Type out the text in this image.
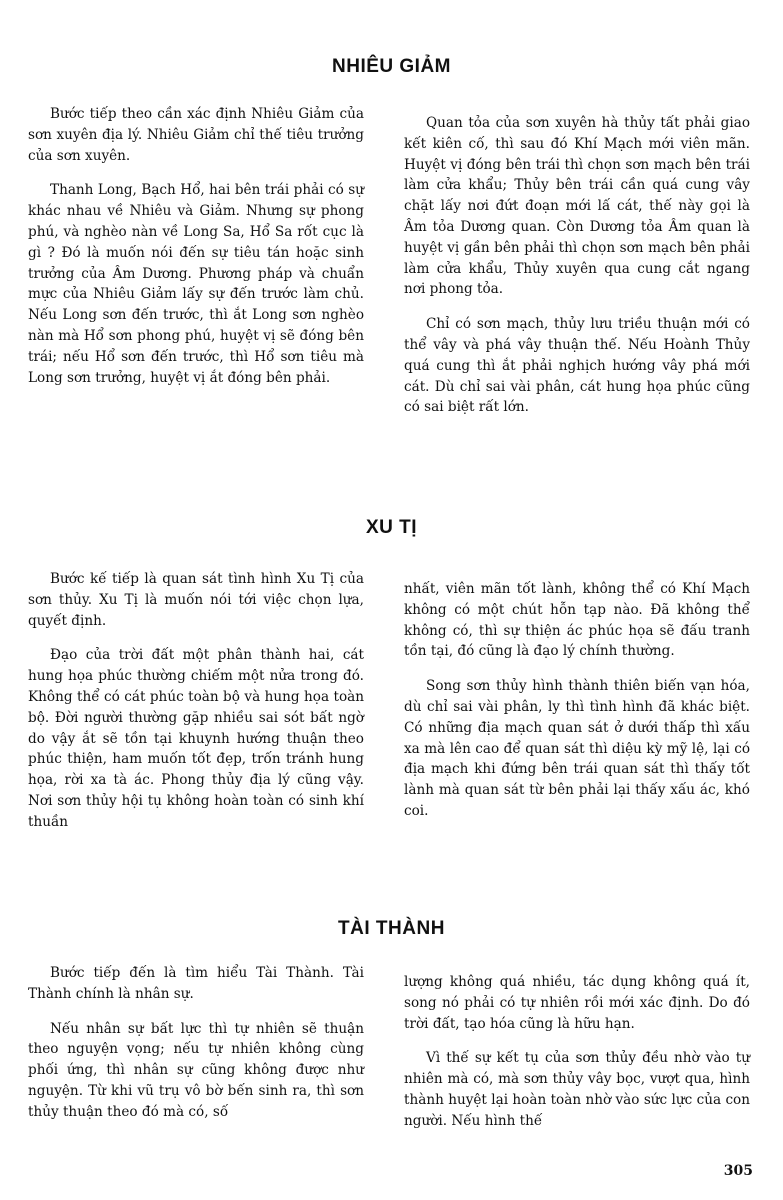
NHIÊU GIẢM

Bước tiếp theo cần xác định Nhiêu Giảm của sơn xuyên địa lý. Nhiêu Giảm chỉ thế tiêu trưởng của sơn xuyên.

Thanh Long, Bạch Hổ, hai bên trái phải có sự khác nhau về Nhiêu và Giảm. Nhưng sự phong phú, và nghèo nàn về Long Sa, Hổ Sa rốt cục là gì ? Đó là muốn nói đến sự tiêu tán hoặc sinh trưởng của Âm Dương. Phương pháp và chuẩn mực của Nhiêu Giảm lấy sự đến trước làm chủ. Nếu Long sơn đến trước, thì ắt Long sơn nghèo nàn mà Hổ sơn phong phú, huyệt vị sẽ đóng bên trái; nếu Hổ sơn đến trước, thì Hổ sơn tiêu mà Long sơn trưởng, huyệt vị ắt đóng bên phải.

Quan tỏa của sơn xuyên hà thủy tất phải giao kết kiên cố, thì sau đó Khí Mạch mới viên mãn. Huyệt vị đóng bên trái thì chọn sơn mạch bên trái làm cửa khẩu; Thủy bên trái cần quá cung vây chặt lấy nơi đứt đoạn mới lấ cát, thế này gọi là Âm tỏa Dương quan. Còn Dương tỏa Âm quan là huyệt vị gần bên phải thì chọn sơn mạch bên phải làm cửa khẩu, Thủy xuyên qua cung cắt ngang nơi phong tỏa.

Chỉ có sơn mạch, thủy lưu triều thuận mới có thể vây và phá vây thuận thế. Nếu Hoành Thủy quá cung thì ắt phải nghịch hướng vây phá mới cát. Dù chỉ sai vài phân, cát hung họa phúc cũng có sai biệt rất lớn.

XU TỊ

Bước kế tiếp là quan sát tình hình Xu Tị của sơn thủy. Xu Tị là muốn nói tới việc chọn lựa, quyết định.

Đạo của trời đất một phân thành hai, cát hung họa phúc thường chiếm một nửa trong đó. Không thể có cát phúc toàn bộ và hung họa toàn bộ. Đời người thường gặp nhiều sai sót bất ngờ do vậy ắt sẽ tồn tại khuynh hướng thuận theo phúc thiện, ham muốn tốt đẹp, trốn tránh hung họa, rời xa tà ác. Phong thủy địa lý cũng vậy. Nơi sơn thủy hội tụ không hoàn toàn có sinh khí thuần

nhất, viên mãn tốt lành, không thể có Khí Mạch không có một chút hỗn tạp nào. Đã không thể không có, thì sự thiện ác phúc họa sẽ đấu tranh tồn tại, đó cũng là đạo lý chính thường.

Song sơn thủy hình thành thiên biến vạn hóa, dù chỉ sai vài phân, ly thì tình hình đã khác biệt. Có những địa mạch quan sát ở dưới thấp thì xấu xa mà lên cao để quan sát thì diệu kỳ mỹ lệ, lại có địa mạch khi đứng bên trái quan sát thì thấy tốt lành mà quan sát từ bên phải lại thấy xấu ác, khó coi.

TÀI THÀNH

Bước tiếp đến là tìm hiểu Tài Thành. Tài Thành chính là nhân sự.

Nếu nhân sự bất lực thì tự nhiên sẽ thuận theo nguyện vọng; nếu tự nhiên không cùng phối ứng, thì nhân sự cũng không được như nguyện. Từ khi vũ trụ vô bờ bến sinh ra, thì sơn thủy thuận theo đó mà có, số

lượng không quá nhiều, tác dụng không quá ít, song nó phải có tự nhiên rồi mới xác định. Do đó trời đất, tạo hóa cũng là hữu hạn.

Vì thế sự kết tụ của sơn thủy đều nhờ vào tự nhiên mà có, mà sơn thủy vây bọc, vượt qua, hình thành huyệt lại hoàn toàn nhờ vào sức lực của con người. Nếu hình thế

305
